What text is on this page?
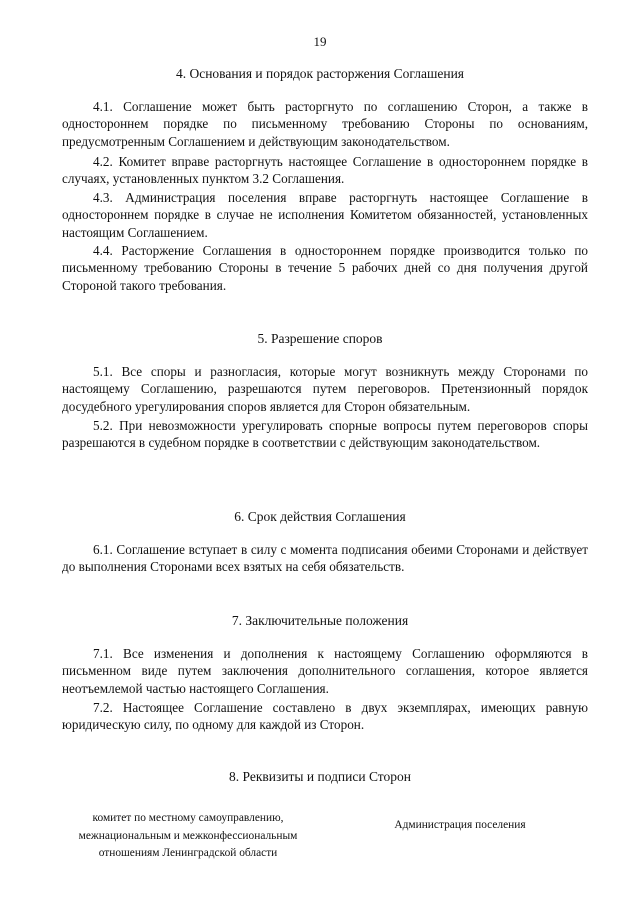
19
4. Основания и порядок расторжения Соглашения

4.1. Соглашение может быть расторгнуто по соглашению Сторон, а также в одностороннем порядке по письменному требованию Стороны по основаниям, предусмотренным Соглашением и действующим законодательством.

4.2. Комитет вправе расторгнуть настоящее Соглашение в одностороннем порядке в случаях, установленных пунктом 3.2 Соглашения.

4.3. Администрация поселения вправе расторгнуть настоящее Соглашение в одностороннем порядке в случае не исполнения Комитетом обязанностей, установленных настоящим Соглашением.

4.4. Расторжение Соглашения в одностороннем порядке производится только по письменному требованию Стороны в течение 5 рабочих дней со дня получения другой Стороной такого требования.

5. Разрешение споров

5.1. Все споры и разногласия, которые могут возникнуть между Сторонами по настоящему Соглашению, разрешаются путем переговоров. Претензионный порядок досудебного урегулирования споров является для Сторон обязательным.

5.2. При невозможности урегулировать спорные вопросы путем переговоров споры разрешаются в судебном порядке в соответствии с действующим законодательством.

6. Срок действия Соглашения

6.1. Соглашение вступает в силу с момента подписания обеими Сторонами и действует до выполнения Сторонами всех взятых на себя обязательств.

7. Заключительные положения

7.1. Все изменения и дополнения к настоящему Соглашению оформляются в письменном виде путем заключения дополнительного соглашения, которое является неотъемлемой частью настоящего Соглашения.

7.2. Настоящее Соглашение составлено в двух экземплярах, имеющих равную юридическую силу, по одному для каждой из Сторон.

8. Реквизиты и подписи Сторон
комитет по местному самоуправлению,
межнациональным и межконфессиональным
отношениям Ленинградской области
Администрация поселения
